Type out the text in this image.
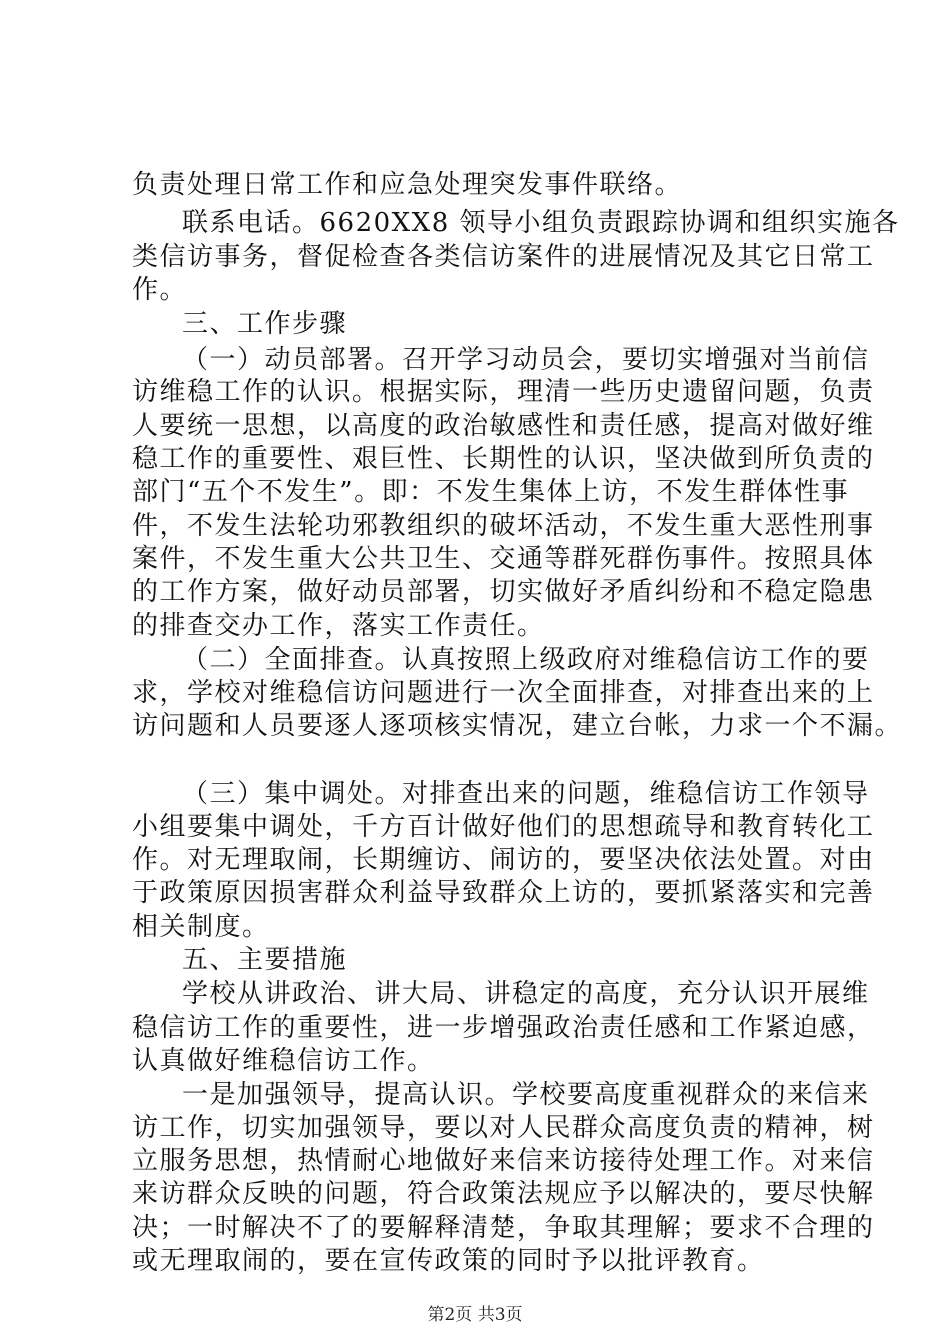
负责处理日常工作和应急处理突发事件联络。
联系电话。6620XX8 领导小组负责跟踪协调和组织实施各
类信访事务，督促检查各类信访案件的进展情况及其它日常工
作。
三、工作步骤
（一）动员部署。召开学习动员会，要切实增强对当前信
访维稳工作的认识。根据实际，理清一些历史遗留问题，负责
人要统一思想，以高度的政治敏感性和责任感，提高对做好维
稳工作的重要性、艰巨性、长期性的认识，坚决做到所负责的
部门“五个不发生”。即：不发生集体上访，不发生群体性事
件，不发生法轮功邪教组织的破坏活动，不发生重大恶性刑事
案件，不发生重大公共卫生、交通等群死群伤事件。按照具体
的工作方案，做好动员部署，切实做好矛盾纠纷和不稳定隐患
的排查交办工作，落实工作责任。
（二）全面排查。认真按照上级政府对维稳信访工作的要
求，学校对维稳信访问题进行一次全面排查，对排查出来的上
访问题和人员要逐人逐项核实情况，建立台帐，力求一个不漏。
（三）集中调处。对排查出来的问题，维稳信访工作领导
小组要集中调处，千方百计做好他们的思想疏导和教育转化工
作。对无理取闹，长期缠访、闹访的，要坚决依法处置。对由
于政策原因损害群众利益导致群众上访的，要抓紧落实和完善
相关制度。
五、主要措施
学校从讲政治、讲大局、讲稳定的高度，充分认识开展维
稳信访工作的重要性，进一步增强政治责任感和工作紧迫感，
认真做好维稳信访工作。
一是加强领导，提高认识。学校要高度重视群众的来信来
访工作，切实加强领导，要以对人民群众高度负责的精神，树
立服务思想，热情耐心地做好来信来访接待处理工作。对来信
来访群众反映的问题，符合政策法规应予以解决的，要尽快解
决；一时解决不了的要解释清楚，争取其理解；要求不合理的
或无理取闹的，要在宣传政策的同时予以批评教育。
第2页 共3页
